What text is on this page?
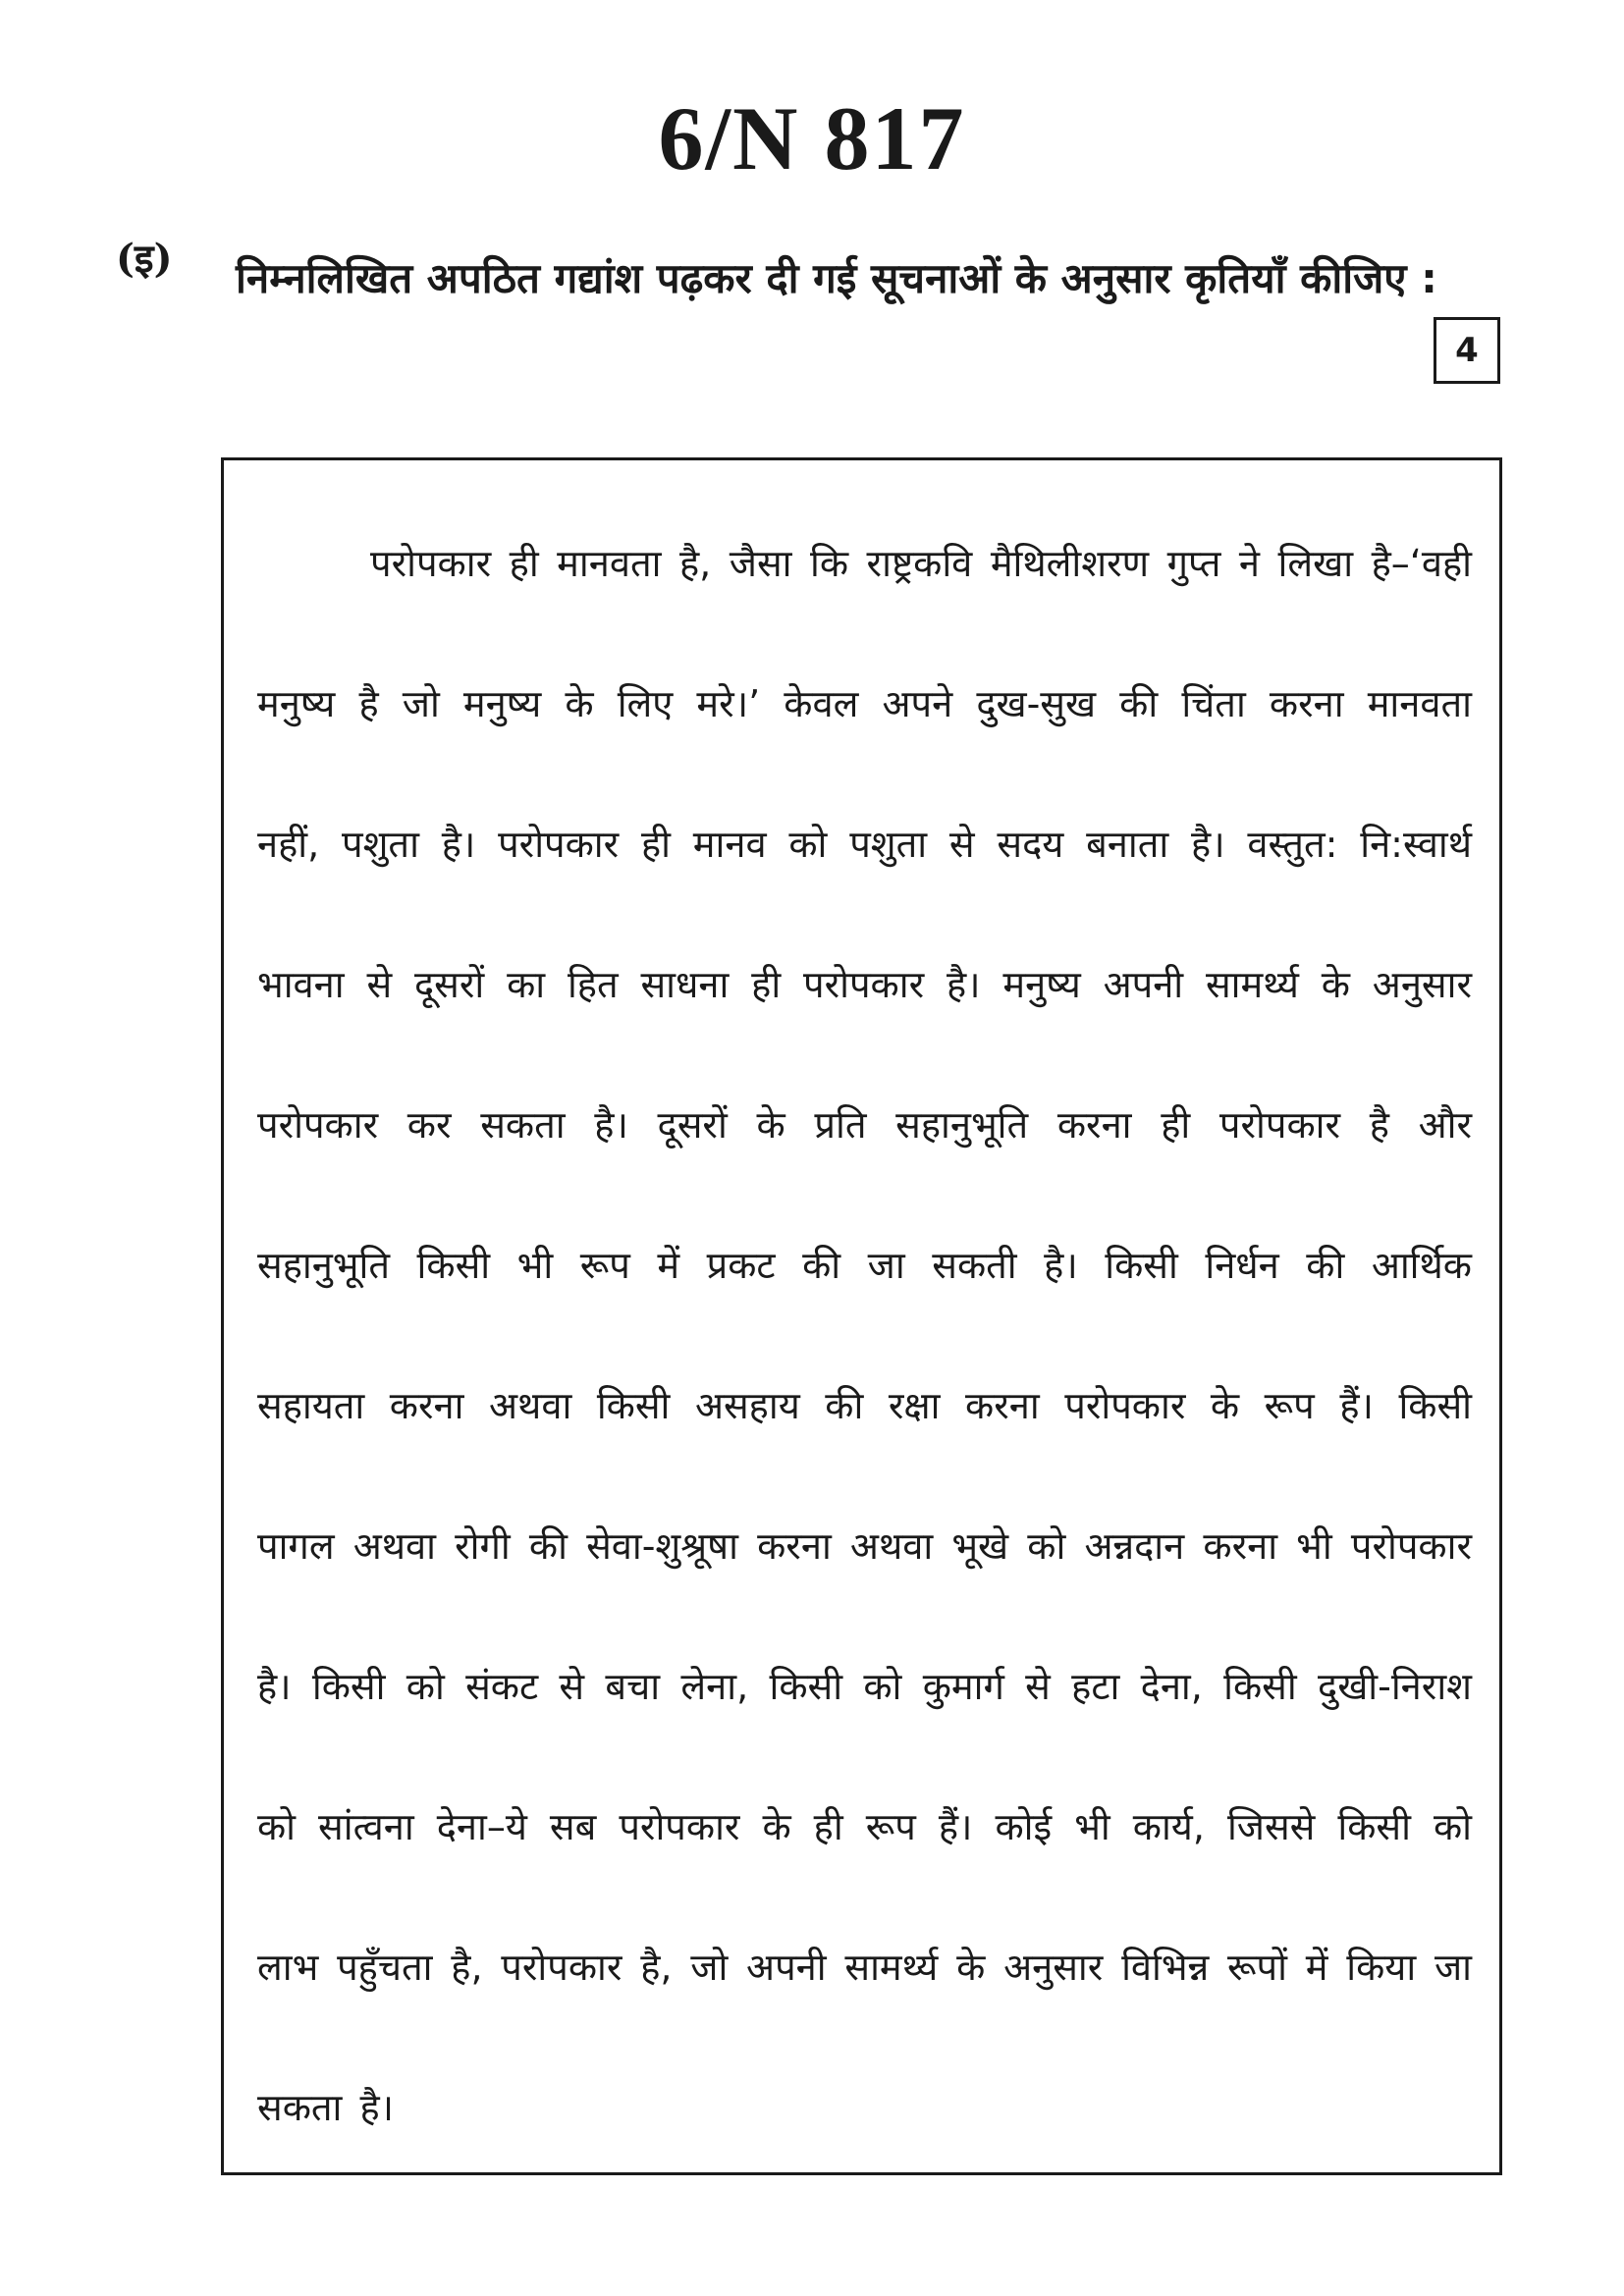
6/N 817
(इ) निम्नलिखित अपठित गद्यांश पढ़कर दी गई सूचनाओं के अनुसार कृतियाँ कीजिए :
4

परोपकार ही मानवता है, जैसा कि राष्ट्रकवि मैथिलीशरण गुप्त ने लिखा है–‘वही मनुष्य है जो मनुष्य के लिए मरे।’ केवल अपने दुख-सुख की चिंता करना मानवता नहीं, पशुता है। परोपकार ही मानव को पशुता से सदय बनाता है। वस्तुत: नि:स्वार्थ भावना से दूसरों का हित साधना ही परोपकार है। मनुष्य अपनी सामर्थ्य के अनुसार परोपकार कर सकता है। दूसरों के प्रति सहानुभूति करना ही परोपकार है और सहानुभूति किसी भी रूप में प्रकट की जा सकती है। किसी निर्धन की आर्थिक सहायता करना अथवा किसी असहाय की रक्षा करना परोपकार के रूप हैं। किसी पागल अथवा रोगी की सेवा-शुश्रूषा करना अथवा भूखे को अन्नदान करना भी परोपकार है। किसी को संकट से बचा लेना, किसी को कुमार्ग से हटा देना, किसी दुखी-निराश को सांत्वना देना–ये सब परोपकार के ही रूप हैं। कोई भी कार्य, जिससे किसी को लाभ पहुँचता है, परोपकार है, जो अपनी सामर्थ्य के अनुसार विभिन्न रूपों में किया जा सकता है।
